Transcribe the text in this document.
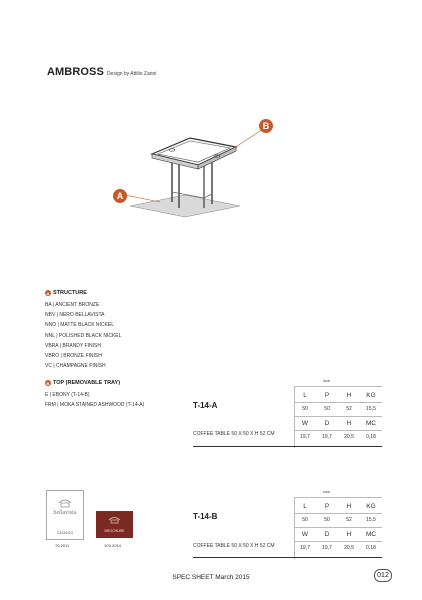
AMBROSS Design by Attilio Zanni
A
B
A STRUCTURE
BA | ANCIENT BRONZE
NBV | NERO BELLAVISTA
NNO | MATTE BLACK NICKEL
NNL | POLISHED BLACK NICKEL
VBRA | BRANDY FINISH
VBRO | BRONZE FINISH
VC | CHAMPAGNE FINISH
B TOP (REMOVABLE TRAY)
E | EBONY (T-14-B)
FRM | MOKA STAINED ASHWOOD (T-14-A)	T-14-A
COFFEE TABLE 50 X 50 X H 52 CM
size
L	P	H	KG
50	50	52	15,5
W	D	H	MC
19,7	19,7	20,5	0,18
T-14-B
COFFEE TABLE 50 X 50 X H 52 CM
size
L	P	H	KG
50	50	52	15,5
W	D	H	MC
19,7	19,7	20,5	0,18
bellavista
CATALOG
70-2011
BROCHURE
109-2014
SPEC SHEET March 2015	012
